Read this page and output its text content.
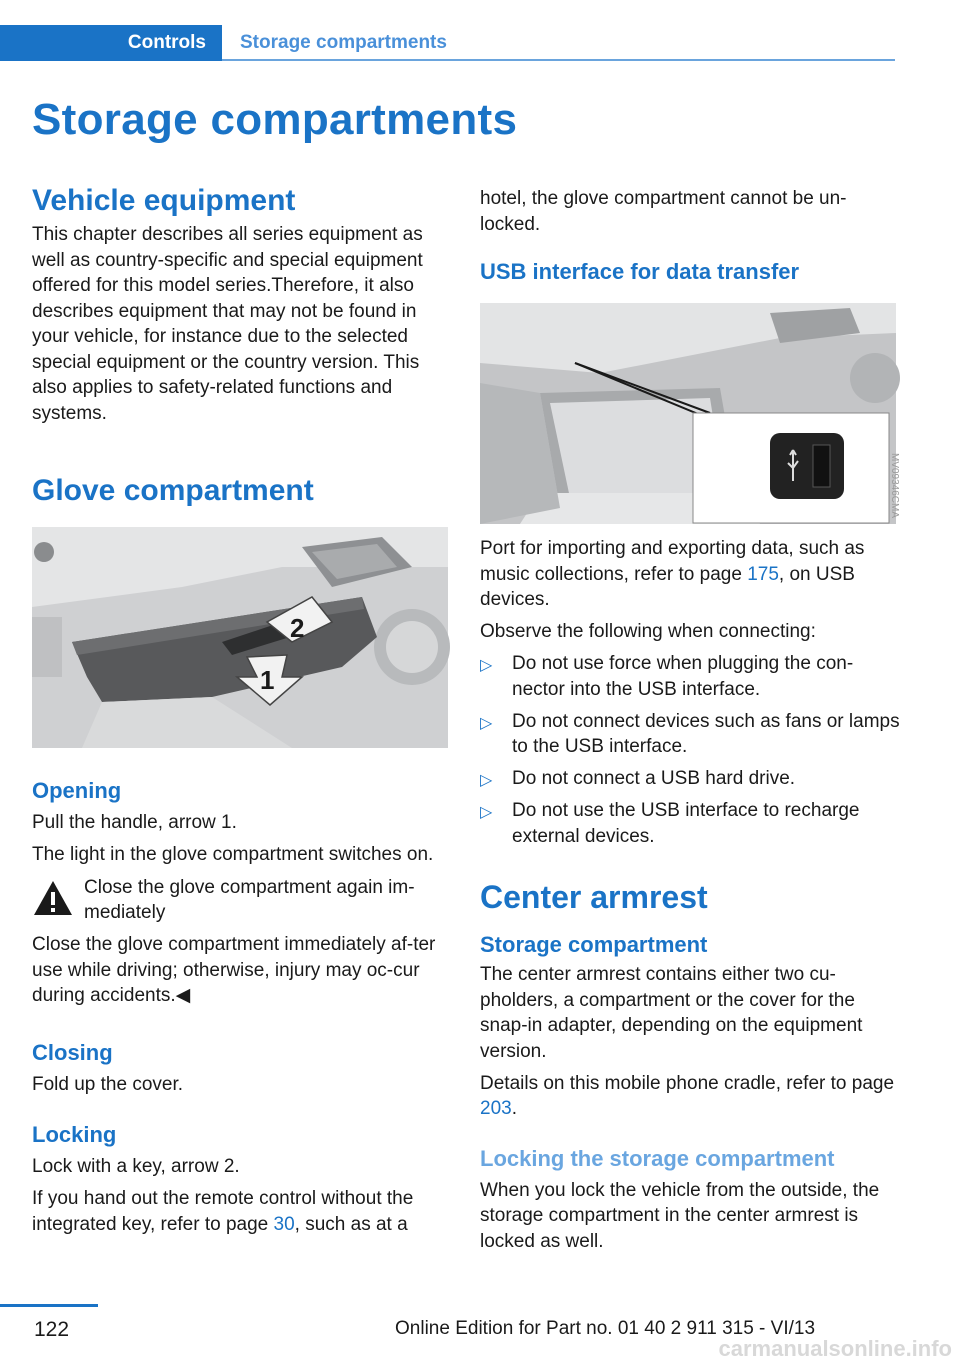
Controls	Storage compartments
Storage compartments
Vehicle equipment

This chapter describes all series equipment as well as country-specific and special equipment offered for this model series.Therefore, it also describes equipment that may not be found in your vehicle, for instance due to the selected special equipment or the country version. This also applies to safety-related functions and systems.

Glove compartment
2
1
Opening

Pull the handle, arrow 1.

The light in the glove compartment switches on.

Close the glove compartment again im‐mediately

Close the glove compartment immediately af‐ter use while driving; otherwise, injury may oc‐cur during accidents.◀

Closing

Fold up the cover.

Locking

Lock with a key, arrow 2.

If you hand out the remote control without the integrated key, refer to page 30, such as at a

hotel, the glove compartment cannot be un‐locked.

USB interface for data transfer
MV09346CMA

Port for importing and exporting data, such as music collections, refer to page 175, on USB devices.

Observe the following when connecting:

▷ Do not use force when plugging the con‐nector into the USB interface.
▷ Do not connect devices such as fans or lamps to the USB interface.
▷ Do not connect a USB hard drive.
▷ Do not use the USB interface to recharge external devices.
Center armrest
Storage compartment

The center armrest contains either two cu‐pholders, a compartment or the cover for the snap-in adapter, depending on the equipment version.

Details on this mobile phone cradle, refer to page 203.

Locking the storage compartment

When you lock the vehicle from the outside, the storage compartment in the center armrest is locked as well.

122	Online Edition for Part no. 01 40 2 911 315 - VI/13
carmanualsonline.info
